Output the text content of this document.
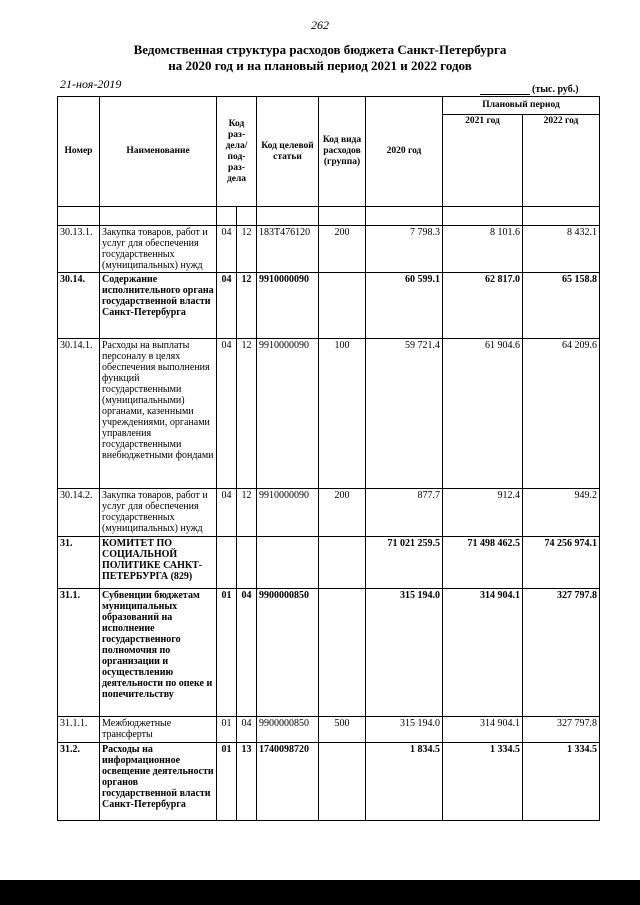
262
Ведомственная структура расходов бюджета Санкт-Петербурга
на 2020 год и на плановый период 2021 и 2022 годов
21-ноя-2019	(тыс. руб.)
Номер	Наименование	Код раз- дела/ под- раз- дела		Код целевой статьи	Код вида расходов (группа)	2020 год	Плановый период	
							2021 год	2022 год

30.13.1.	Закупка товаров, работ и услуг для обеспечения государственных (муниципальных) нужд	04	12	183Т476120	200	7 798.3	8 101.6	8 432.1
30.14.	Содержание исполнительного органа государственной власти Санкт-Петербурга	04	12	9910000090		60 599.1	62 817.0	65 158.8
30.14.1.	Расходы на выплаты персоналу в целях обеспечения выполнения функций государственными (муниципальными) органами, казенными учреждениями, органами управления государственными внебюджетными фондами	04	12	9910000090	100	59 721.4	61 904.6	64 209.6
30.14.2.	Закупка товаров, работ и услуг для обеспечения государственных (муниципальных) нужд	04	12	9910000090	200	877.7	912.4	949.2
31.	КОМИТЕТ ПО СОЦИАЛЬНОЙ ПОЛИТИКЕ САНКТ-ПЕТЕРБУРГА (829)					71 021 259.5	71 498 462.5	74 256 974.1
31.1.	Субвенции бюджетам муниципальных образований на исполнение государственного полномочия по организации и осуществлению деятельности по опеке и попечительству	01	04	9900000850		315 194.0	314 904.1	327 797.8
31.1.1.	Межбюджетные трансферты	01	04	9900000850	500	315 194.0	314 904.1	327 797.8
31.2.	Расходы на информационное освещение деятельности органов государственной власти Санкт-Петербурга	01	13	1740098720		1 834.5	1 334.5	1 334.5
